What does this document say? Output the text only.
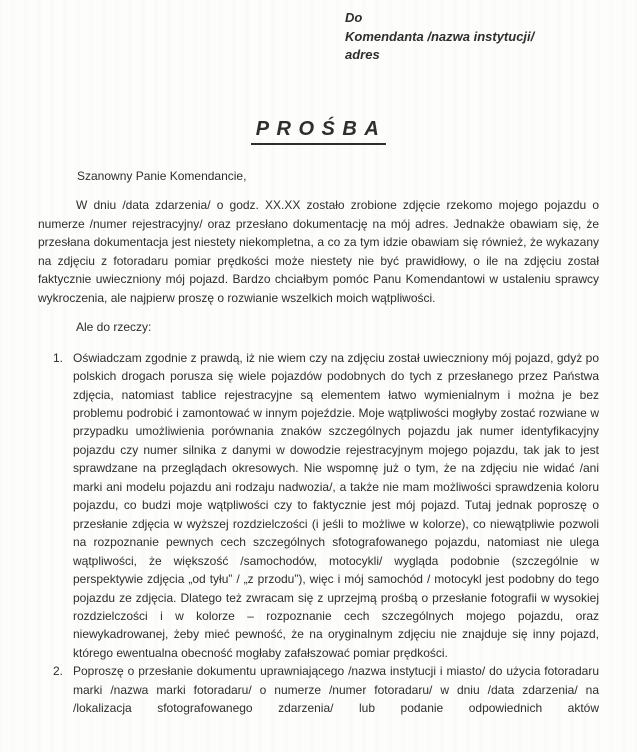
Do
Komendanta /nazwa instytucji/
adres
PROŚBA

Szanowny Panie Komendancie,

W dniu /data zdarzenia/ o godz. XX.XX zostało zrobione zdjęcie rzekomo mojego pojazdu o numerze /numer rejestracyjny/ oraz przesłano dokumentację na mój adres. Jednakże obawiam się, że przesłana dokumentacja jest niestety niekompletna, a co za tym idzie obawiam się również, że wykazany na zdjęciu z fotoradaru pomiar prędkości może niestety nie być prawidłowy, o ile na zdjęciu został faktycznie uwieczniony mój pojazd. Bardzo chciałbym pomóc Panu Komendantowi w ustaleniu sprawcy wykroczenia, ale najpierw proszę o rozwianie wszelkich moich wątpliwości.

Ale do rzeczy:

1. Oświadczam zgodnie z prawdą, iż nie wiem czy na zdjęciu został uwieczniony mój pojazd, gdyż po polskich drogach porusza się wiele pojazdów podobnych do tych z przesłanego przez Państwa zdjęcia, natomiast tablice rejestracyjne są elementem łatwo wymienialnym i można je bez problemu podrobić i zamontować w innym pojeździe. Moje wątpliwości mogłyby zostać rozwiane w przypadku umożliwienia porównania znaków szczególnych pojazdu jak numer identyfikacyjny pojazdu czy numer silnika z danymi w dowodzie rejestracyjnym mojego pojazdu, tak jak to jest sprawdzane na przeglądach okresowych. Nie wspomnę już o tym, że na zdjęciu nie widać /ani marki ani modelu pojazdu ani rodzaju nadwozia/, a także nie mam możliwości sprawdzenia koloru pojazdu, co budzi moje wątpliwości czy to faktycznie jest mój pojazd. Tutaj jednak poproszę o przesłanie zdjęcia w wyższej rozdzielczości (i jeśli to możliwe w kolorze), co niewątpliwie pozwoli na rozpoznanie pewnych cech szczególnych sfotografowanego pojazdu, natomiast nie ulega wątpliwości, że większość /samochodów, motocykli/ wygląda podobnie (szczególnie w perspektywie zdjęcia „od tyłu” / „z przodu”), więc i mój samochód / motocykl jest podobny do tego pojazdu ze zdjęcia. Dlatego też zwracam się z uprzejmą prośbą o przesłanie fotografii w wysokiej rozdzielczości i w kolorze – rozpoznanie cech szczególnych mojego pojazdu, oraz niewykadrowanej, żeby mieć pewność, że na oryginalnym zdjęciu nie znajduje się inny pojazd, którego ewentualna obecność mogłaby zafałszować pomiar prędkości.
2. Poproszę o przesłanie dokumentu uprawniającego /nazwa instytucji i miasto/ do użycia fotoradaru marki /nazwa marki fotoradaru/ o numerze /numer fotoradaru/ w dniu /data zdarzenia/ na /lokalizacja sfotografowanego zdarzenia/ lub podanie odpowiednich aktów
